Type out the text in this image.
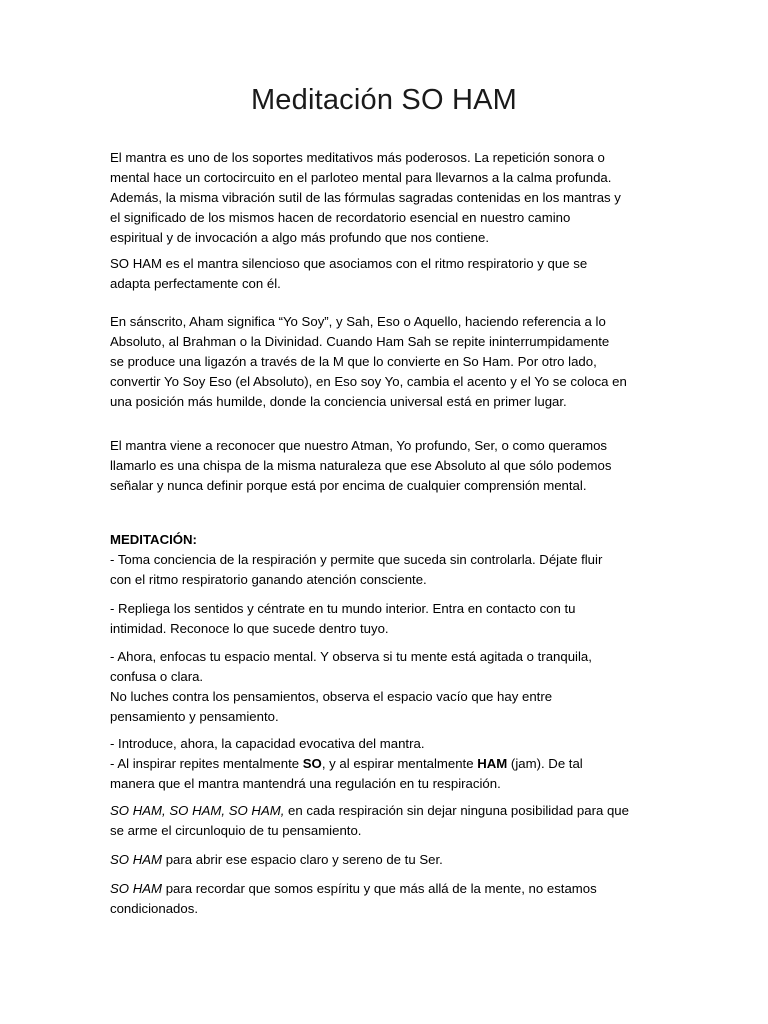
Meditación SO HAM

El mantra es uno de los soportes meditativos más poderosos. La repetición sonora o
mental hace un cortocircuito en el parloteo mental para llevarnos a la calma profunda.
Además, la misma vibración sutil de las fórmulas sagradas contenidas en los mantras y
el significado de los mismos hacen de recordatorio esencial en nuestro camino
espiritual y de invocación a algo más profundo que nos contiene.

SO HAM es el mantra silencioso que asociamos con el ritmo respiratorio y que se
adapta perfectamente con él.

En sánscrito, Aham significa “Yo Soy”, y Sah, Eso o Aquello, haciendo referencia a lo
Absoluto, al Brahman o la Divinidad. Cuando Ham Sah se repite ininterrumpidamente
se produce una ligazón a través de la M que lo convierte en So Ham. Por otro lado,
convertir Yo Soy Eso (el Absoluto), en Eso soy Yo, cambia el acento y el Yo se coloca en
una posición más humilde, donde la conciencia universal está en primer lugar.

El mantra viene a reconocer que nuestro Atman, Yo profundo, Ser, o como queramos
llamarlo es una chispa de la misma naturaleza que ese Absoluto al que sólo podemos
señalar y nunca definir porque está por encima de cualquier comprensión mental.

MEDITACIÓN:
- Toma conciencia de la respiración y permite que suceda sin controlarla. Déjate fluir
con el ritmo respiratorio ganando atención consciente.

- Repliega los sentidos y céntrate en tu mundo interior. Entra en contacto con tu
intimidad. Reconoce lo que sucede dentro tuyo.

- Ahora, enfocas tu espacio mental. Y observa si tu mente está agitada o tranquila,
confusa o clara.
No luches contra los pensamientos, observa el espacio vacío que hay entre
pensamiento y pensamiento.

- Introduce, ahora, la capacidad evocativa del mantra.
- Al inspirar repites mentalmente SO, y al espirar mentalmente HAM (jam). De tal
manera que el mantra mantendrá una regulación en tu respiración.

SO HAM, SO HAM, SO HAM, en cada respiración sin dejar ninguna posibilidad para que
se arme el circunloquio de tu pensamiento.

SO HAM para abrir ese espacio claro y sereno de tu Ser.

SO HAM para recordar que somos espíritu y que más allá de la mente, no estamos
condicionados.
